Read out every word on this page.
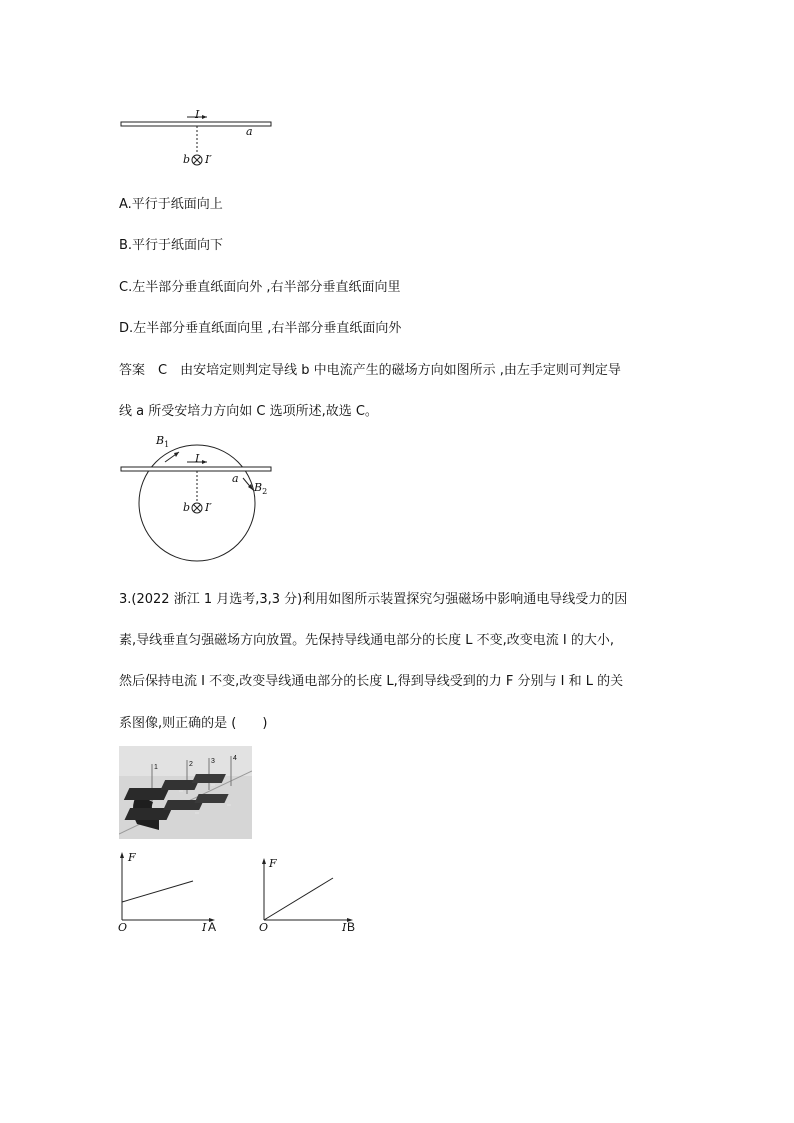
I
a
b I′
A.平行于纸面向上
B.平行于纸面向下
C.左半部分垂直纸面向外 ,右半部分垂直纸面向里
D.左半部分垂直纸面向里 ,右半部分垂直纸面向外
答案　C　由安培定则判定导线 b 中电流产生的磁场方向如图所示 ,由左手定则可判定导
线 a 所受安培力方向如 C 选项所述,故选 C。
$B_1$
I
a
$B_2$
b I′
3.(2022 浙江 1 月选考,3,3 分)利用如图所示装置探究匀强磁场中影响通电导线受力的因
素,导线垂直匀强磁场方向放置。先保持导线通电部分的长度 L 不变,改变电流 I 的大小,
然后保持电流 I 不变,改变导线通电部分的长度 L,得到导线受到的力 F 分别与 I 和 L 的关
系图像,则正确的是 (　　)
1	2	3	4
F
O	I A
F
O	I B
